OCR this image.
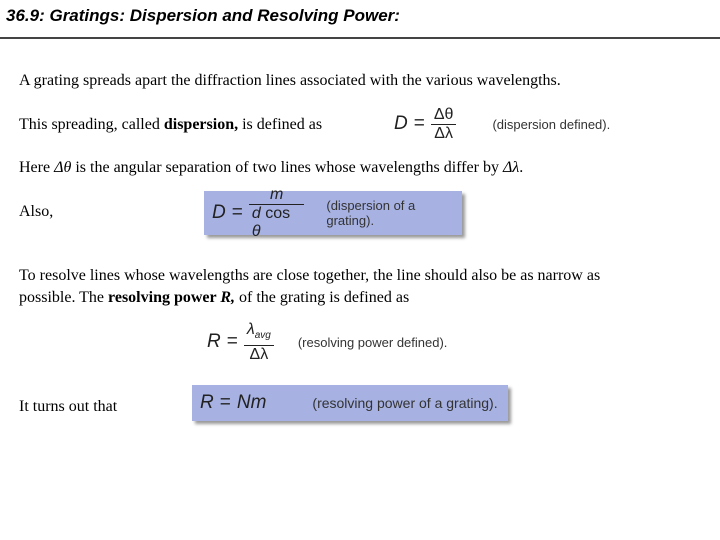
36.9: Gratings: Dispersion and Resolving Power:
A grating spreads apart the diffraction lines associated with the various wavelengths.
This spreading, called dispersion, is defined as	$D = \frac{\Delta\theta}{\Delta\lambda}$	(dispersion defined).
Here Δθ is the angular separation of two lines whose wavelengths differ by Δλ.
Also,	$D = \frac{m}{\text{d cos θ}}$ (dispersion of a grating).
To resolve lines whose wavelengths are close together, the line should also be as narrow as
possible. The resolving power R, of the grating is defined as
$R = \frac{\lambda_{avg}}{\Delta\lambda}$ (resolving power defined).
It turns out that	R = Nm	(resolving power of a grating).
